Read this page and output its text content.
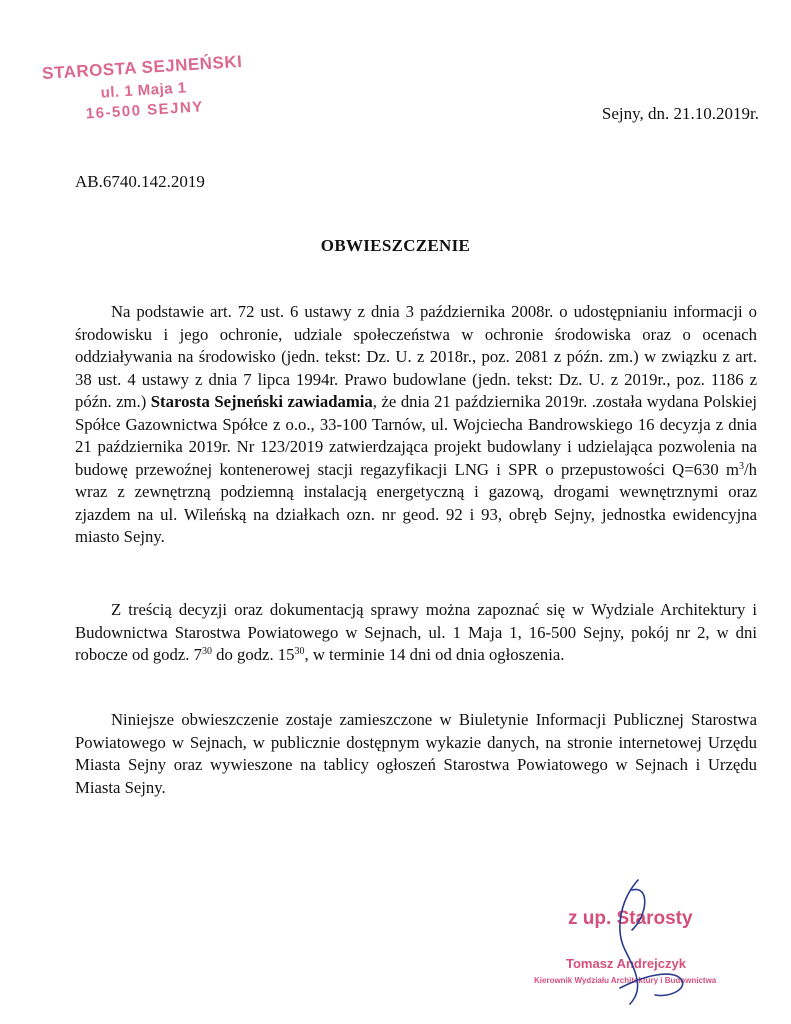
STAROSTA SEJNEŃSKI
ul. 1 Maja 1
16-500 SEJNY	Sejny, dn. 21.10.2019r.
AB.6740.142.2019
OBWIESZCZENIE
Na podstawie art. 72 ust. 6 ustawy z dnia 3 października 2008r. o udostępnianiu informacji o środowisku i jego ochronie, udziale społeczeństwa w ochronie środowiska oraz o ocenach oddziaływania na środowisko (jedn. tekst: Dz. U. z 2018r., poz. 2081 z późn. zm.) w związku z art. 38 ust. 4 ustawy z dnia 7 lipca 1994r. Prawo budowlane (jedn. tekst: Dz. U. z 2019r., poz. 1186 z późn. zm.) Starosta Sejneński zawiadamia, że dnia 21 października 2019r. .została wydana Polskiej Spółce Gazownictwa Spółce z o.o., 33-100 Tarnów, ul. Wojciecha Bandrowskiego 16 decyzja z dnia 21 października 2019r. Nr 123/2019 zatwierdzająca projekt budowlany i udzielająca pozwolenia na budowę przewoźnej kontenerowej stacji regazyfikacji LNG i SPR o przepustowości Q=630 $m^3/h$ wraz z zewnętrzną podziemną instalacją energetyczną i gazową, drogami wewnętrznymi oraz zjazdem na ul. Wileńską na działkach ozn. nr geod. 92 i 93, obręb Sejny, jednostka ewidencyjna miasto Sejny.
Z treścią decyzji oraz dokumentacją sprawy można zapoznać się w Wydziale Architektury i Budownictwa Starostwa Powiatowego w Sejnach, ul. 1 Maja 1, 16-500 Sejny, pokój nr 2, w dni robocze od godz. $7^{30}$ do godz. $15^{30}$, w terminie 14 dni od dnia ogłoszenia.
Niniejsze obwieszczenie zostaje zamieszczone w Biuletynie Informacji Publicznej Starostwa Powiatowego w Sejnach, w publicznie dostępnym wykazie danych, na stronie internetowej Urzędu Miasta Sejny oraz wywieszone na tablicy ogłoszeń Starostwa Powiatowego w Sejnach i Urzędu Miasta Sejny.
z up. Starosty
Tomasz Andrejczyk
Kierownik Wydziału Architektury i Budownictwa
